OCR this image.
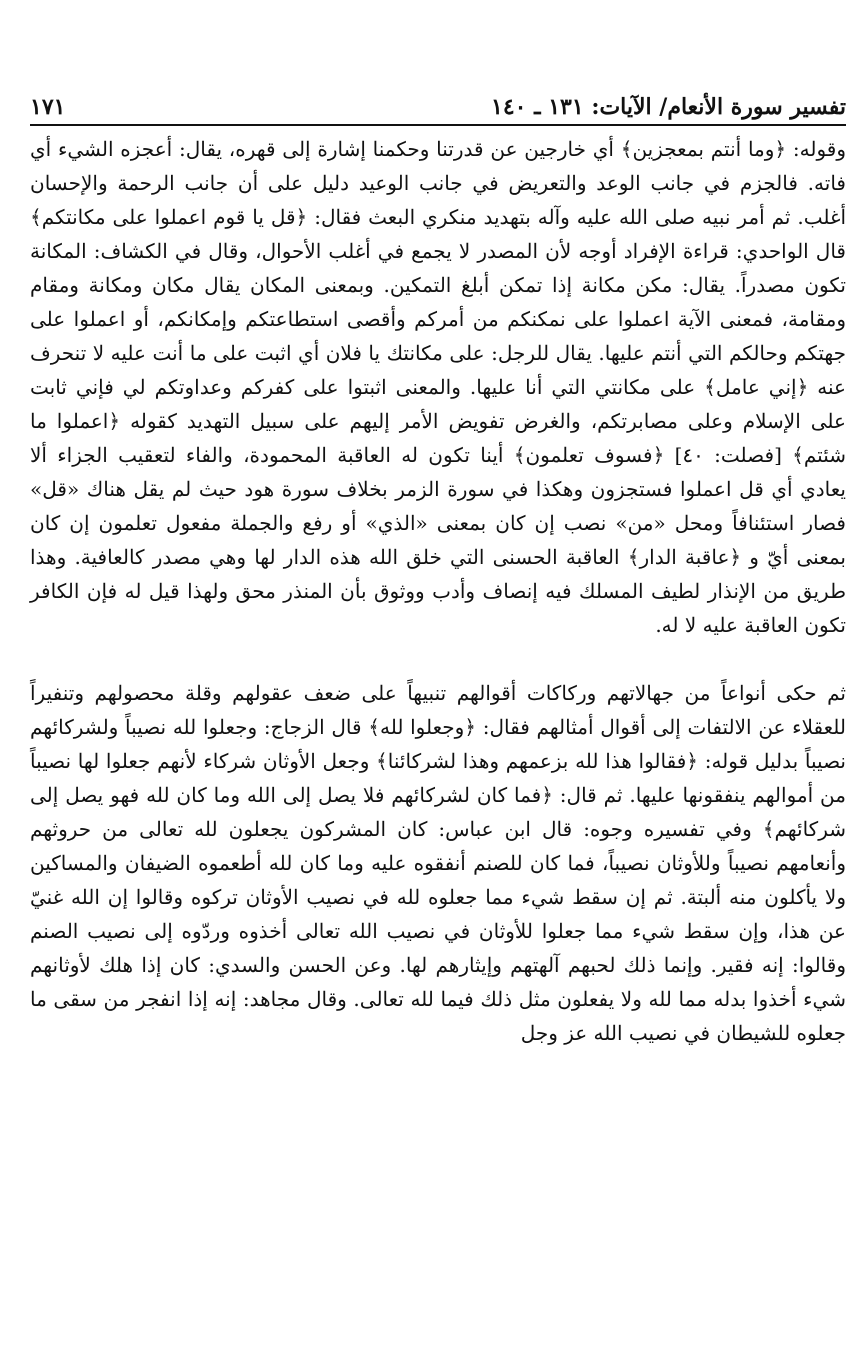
تفسير سورة الأنعام/ الآيات: ١٣١ ـ ١٤٠
١٧١

وقوله: ﴿وما أنتم بمعجزين﴾ أي خارجين عن قدرتنا وحكمنا إشارة إلى قهره، يقال: أعجزه الشيء أي فاته. فالجزم في جانب الوعد والتعريض في جانب الوعيد دليل على أن جانب الرحمة والإحسان أغلب. ثم أمر نبيه صلى الله عليه وآله بتهديد منكري البعث فقال: ﴿قل يا قوم اعملوا على مكانتكم﴾ قال الواحدي: قراءة الإفراد أوجه لأن المصدر لا يجمع في أغلب الأحوال، وقال في الكشاف: المكانة تكون مصدراً. يقال: مكن مكانة إذا تمكن أبلغ التمكين. وبمعنى المكان يقال مكان ومكانة ومقام ومقامة، فمعنى الآية اعملوا على نمكنكم من أمركم وأقصى استطاعتكم وإمكانكم، أو اعملوا على جهتكم وحالكم التي أنتم عليها. يقال للرجل: على مكانتك يا فلان أي اثبت على ما أنت عليه لا تنحرف عنه ﴿إني عامل﴾ على مكانتي التي أنا عليها. والمعنى اثبتوا على كفركم وعداوتكم لي فإني ثابت على الإسلام وعلى مصابرتكم، والغرض تفويض الأمر إليهم على سبيل التهديد كقوله ﴿اعملوا ما شئتم﴾ [فصلت: ٤٠] ﴿فسوف تعلمون﴾ أينا تكون له العاقبة المحمودة، والفاء لتعقيب الجزاء ألا يعادي أي قل اعملوا فستجزون وهكذا في سورة الزمر بخلاف سورة هود حيث لم يقل هناك «قل» فصار استئنافاً ومحل «من» نصب إن كان بمعنى «الذي» أو رفع والجملة مفعول تعلمون إن كان بمعنى أيّ و ﴿عاقبة الدار﴾ العاقبة الحسنى التي خلق الله هذه الدار لها وهي مصدر كالعافية. وهذا طريق من الإنذار لطيف المسلك فيه إنصاف وأدب ووثوق بأن المنذر محق ولهذا قيل له فإن الكافر تكون العاقبة عليه لا له.

ثم حكى أنواعاً من جهالاتهم وركاكات أقوالهم تنبيهاً على ضعف عقولهم وقلة محصولهم وتنفيراً للعقلاء عن الالتفات إلى أقوال أمثالهم فقال: ﴿وجعلوا لله﴾ قال الزجاج: وجعلوا لله نصيباً ولشركائهم نصيباً بدليل قوله: ﴿فقالوا هذا لله بزعمهم وهذا لشركائنا﴾ وجعل الأوثان شركاء لأنهم جعلوا لها نصيباً من أموالهم ينفقونها عليها. ثم قال: ﴿فما كان لشركائهم فلا يصل إلى الله وما كان لله فهو يصل إلى شركائهم﴾ وفي تفسيره وجوه: قال ابن عباس: كان المشركون يجعلون لله تعالى من حروثهم وأنعامهم نصيباً وللأوثان نصيباً، فما كان للصنم أنفقوه عليه وما كان لله أطعموه الضيفان والمساكين ولا يأكلون منه ألبتة. ثم إن سقط شيء مما جعلوه لله في نصيب الأوثان تركوه وقالوا إن الله غنيّ عن هذا، وإن سقط شيء مما جعلوا للأوثان في نصيب الله تعالى أخذوه وردّوه إلى نصيب الصنم وقالوا: إنه فقير. وإنما ذلك لحبهم آلهتهم وإيثارهم لها. وعن الحسن والسدي: كان إذا هلك لأوثانهم شيء أخذوا بدله مما لله ولا يفعلون مثل ذلك فيما لله تعالى. وقال مجاهد: إنه إذا انفجر من سقى ما جعلوه للشيطان في نصيب الله عز وجل
